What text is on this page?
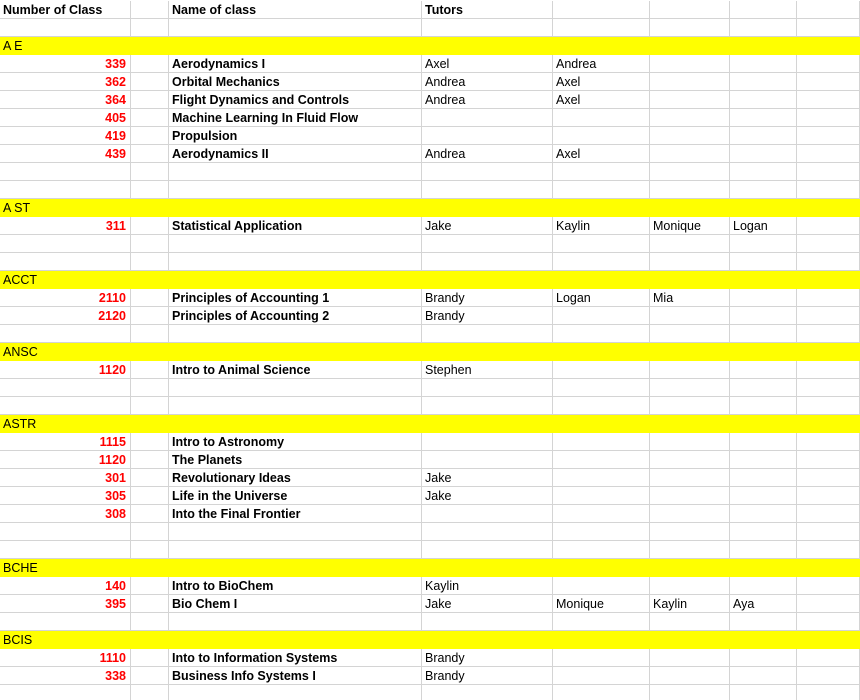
Number of Class	Name of class	Tutors
A E
339	Aerodynamics I	Axel	Andrea
362	Orbital Mechanics	Andrea	Axel
364	Flight Dynamics and Controls	Andrea	Axel
405	Machine Learning In Fluid Flow
419	Propulsion
439	Aerodynamics II	Andrea	Axel
A ST
311	Statistical Application	Jake	Kaylin	Monique	Logan
ACCT
2110	Principles of Accounting 1	Brandy	Logan	Mia
2120	Principles of Accounting 2	Brandy
ANSC
1120	Intro to Animal Science	Stephen
ASTR
1115	Intro to Astronomy
1120	The Planets
301	Revolutionary Ideas	Jake
305	Life in the Universe	Jake
308	Into the Final Frontier
BCHE
140	Intro to BioChem	Kaylin
395	Bio Chem I	Jake	Monique	Kaylin	Aya
BCIS
1110	Into to Information Systems	Brandy
338	Business Info Systems I	Brandy
